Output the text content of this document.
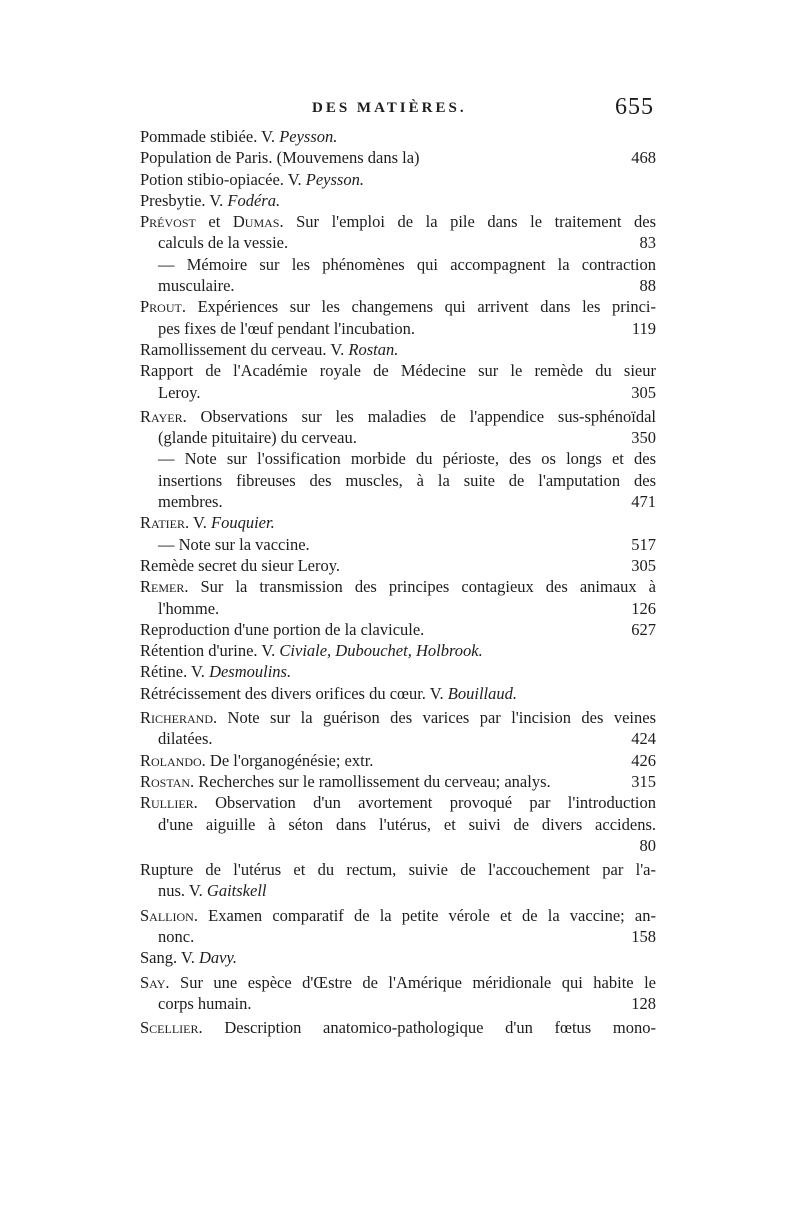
DES MATIÈRES.	655
Pommade stibiée. V. Peysson.
Population de Paris. (Mouvemens dans la)	468
Potion stibio-opiacée. V. Peysson.
Presbytie. V. Fodéra.
Prévost et Dumas. Sur l'emploi de la pile dans le traitement des
calculs de la vessie.	83
— Mémoire sur les phénomènes qui accompagnent la contraction
musculaire.	88
Prout. Expériences sur les changemens qui arrivent dans les princi-
pes fixes de l'œuf pendant l'incubation.	119
Ramollissement du cerveau. V. Rostan.
Rapport de l'Académie royale de Médecine sur le remède du sieur
Leroy.	305
Rayer. Observations sur les maladies de l'appendice sus-sphénoïdal
(glande pituitaire) du cerveau.	350
— Note sur l'ossification morbide du périoste, des os longs et des
insertions fibreuses des muscles, à la suite de l'amputation des
membres.	471
Ratier. V. Fouquier.
— Note sur la vaccine.	517
Remède secret du sieur Leroy.	305
Remer. Sur la transmission des principes contagieux des animaux à
l'homme.	126
Reproduction d'une portion de la clavicule.	627
Rétention d'urine. V. Civiale, Dubouchet, Holbrook.
Rétine. V. Desmoulins.
Rétrécissement des divers orifices du cœur. V. Bouillaud.
Richerand. Note sur la guérison des varices par l'incision des veines
dilatées.	424
Rolando. De l'organogénésie; extr.	426
Rostan. Recherches sur le ramollissement du cerveau; analys.	315
Rullier. Observation d'un avortement provoqué par l'introduction
d'une aiguille à séton dans l'utérus, et suivi de divers accidens.
80
Rupture de l'utérus et du rectum, suivie de l'accouchement par l'a-
nus. V. Gaitskell
Sallion. Examen comparatif de la petite vérole et de la vaccine; an-
nonc.	158
Sang. V. Davy.
Say. Sur une espèce d'Œstre de l'Amérique méridionale qui habite le
corps humain.	128
Scellier. Description anatomico-pathologique d'un fœtus mono-
